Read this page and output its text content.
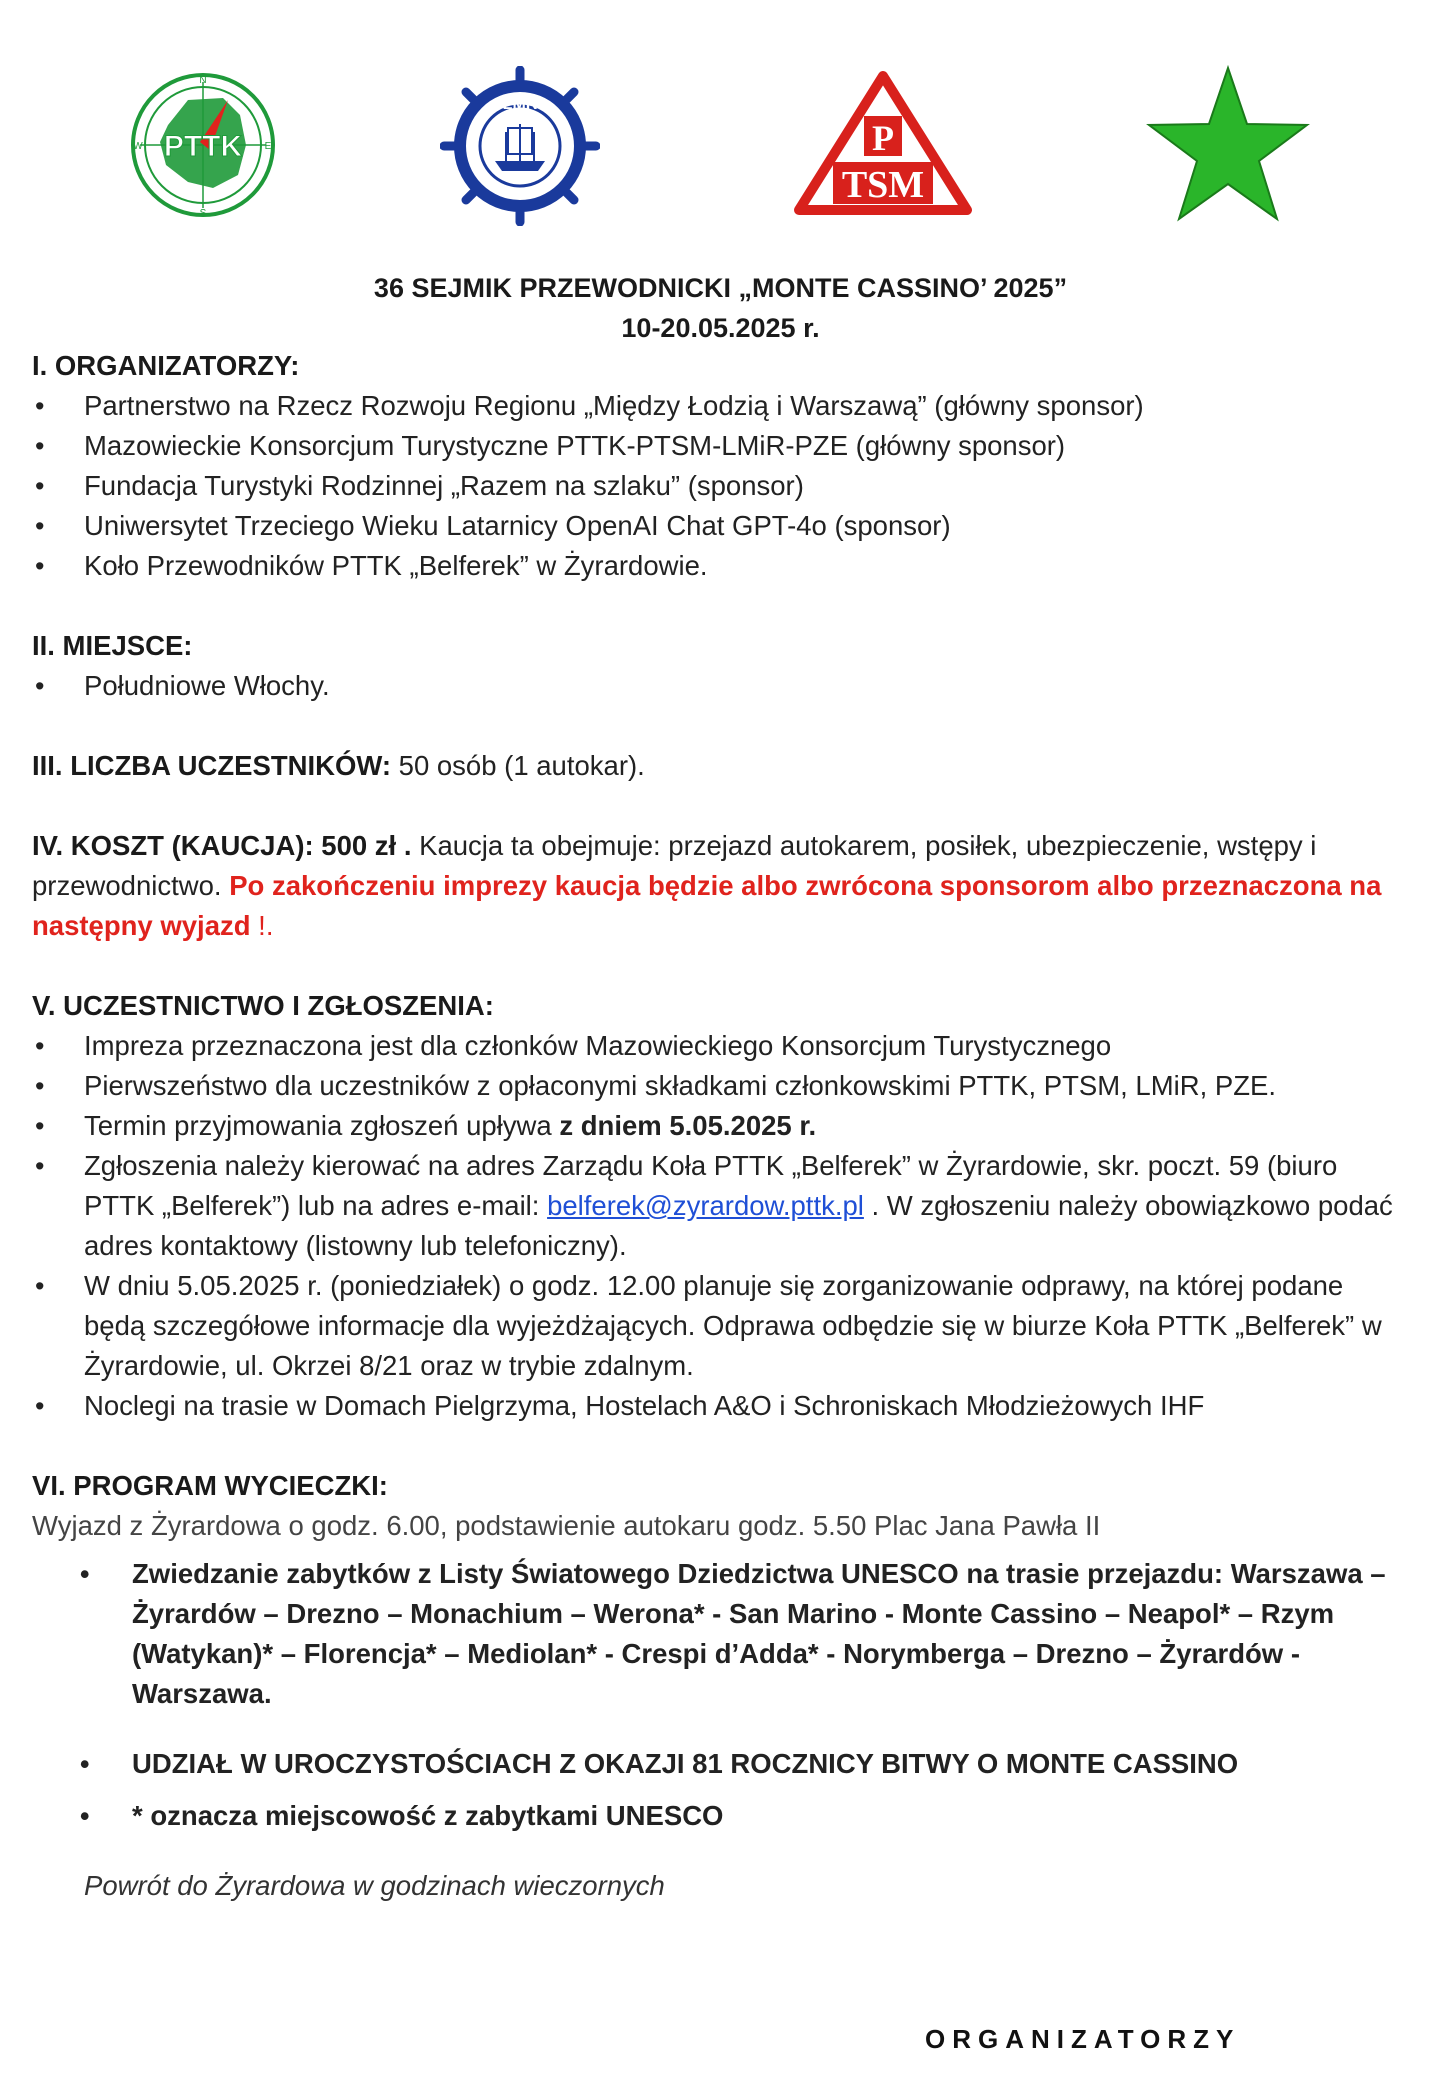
PTTK
N
E
S
W
LMR
P
TSM
36 SEJMIK PRZEWODNICKI „MONTE CASSINO’ 2025”
10-20.05.2025 r.
I. ORGANIZATORZY:
• Partnerstwo na Rzecz Rozwoju Regionu „Między Łodzią i Warszawą” (główny sponsor)
• Mazowieckie Konsorcjum Turystyczne PTTK-PTSM-LMiR-PZE (główny sponsor)
• Fundacja Turystyki Rodzinnej „Razem na szlaku” (sponsor)
• Uniwersytet Trzeciego Wieku Latarnicy OpenAI Chat GPT-4o (sponsor)
• Koło Przewodników PTTK „Belferek” w Żyrardowie.
II. MIEJSCE:
• Południowe Włochy.
III. LICZBA UCZESTNIKÓW: 50 osób (1 autokar).
IV. KOSZT (KAUCJA): 500 zł . Kaucja ta obejmuje: przejazd autokarem, posiłek, ubezpieczenie, wstępy i przewodnictwo. Po zakończeniu imprezy kaucja będzie albo zwrócona sponsorom albo przeznaczona na następny wyjazd !.
V. UCZESTNICTWO I ZGŁOSZENIA:
• Impreza przeznaczona jest dla członków Mazowieckiego Konsorcjum Turystycznego
• Pierwszeństwo dla uczestników z opłaconymi składkami członkowskimi PTTK, PTSM, LMiR, PZE.
• Termin przyjmowania zgłoszeń upływa z dniem 5.05.2025 r.
• Zgłoszenia należy kierować na adres Zarządu Koła PTTK „Belferek” w Żyrardowie, skr. poczt. 59 (biuro PTTK „Belferek”) lub na adres e-mail: belferek@zyrardow.pttk.pl . W zgłoszeniu należy obowiązkowo podać adres kontaktowy (listowny lub telefoniczny).
• W dniu 5.05.2025 r. (poniedziałek) o godz. 12.00 planuje się zorganizowanie odprawy, na której podane będą szczegółowe informacje dla wyjeżdżających. Odprawa odbędzie się w biurze Koła PTTK „Belferek” w Żyrardowie, ul. Okrzei 8/21 oraz w trybie zdalnym.
• Noclegi na trasie w Domach Pielgrzyma, Hostelach A&O i Schroniskach Młodzieżowych IHF
VI. PROGRAM WYCIECZKI:
Wyjazd z Żyrardowa o godz. 6.00, podstawienie autokaru godz. 5.50 Plac Jana Pawła II
• Zwiedzanie zabytków z Listy Światowego Dziedzictwa UNESCO na trasie przejazdu: Warszawa – Żyrardów – Drezno – Monachium – Werona* - San Marino - Monte Cassino – Neapol* – Rzym (Watykan)* – Florencja* – Mediolan* - Crespi d’Adda* - Norymberga – Drezno – Żyrardów - Warszawa.
• UDZIAŁ W UROCZYSTOŚCIACH Z OKAZJI 81 ROCZNICY BITWY O MONTE CASSINO
• * oznacza miejscowość z zabytkami UNESCO
Powrót do Żyrardowa w godzinach wieczornych
ORGANIZATORZY
